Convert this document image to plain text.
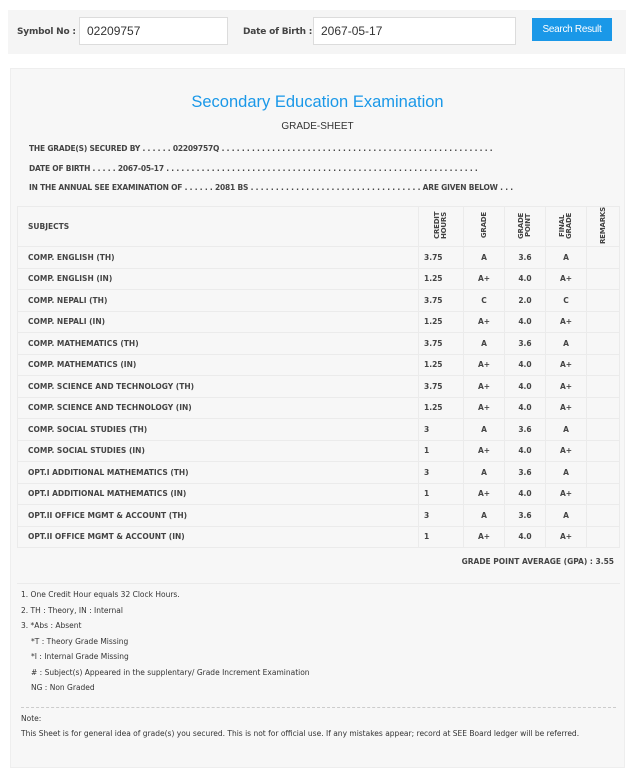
Symbol No :
02209757	Date of Birth :
2067-05-17	Search Result
Secondary Education Examination
GRADE-SHEET
THE GRADE(S) SECURED BY . . . . . . 02209757Q . . . . . . . . . . . . . . . . . . . . . . . . . . . . . . . . . . . . . . . . . . . . . . . . . . . . . .
DATE OF BIRTH . . . . . 2067-05-17 . . . . . . . . . . . . . . . . . . . . . . . . . . . . . . . . . . . . . . . . . . . . . . . . . . . . . . . . . . . . . .
IN THE ANNUAL SEE EXAMINATION OF . . . . . . 2081 BS . . . . . . . . . . . . . . . . . . . . . . . . . . . . . . . . . . ARE GIVEN BELOW . . .
SUBJECTS	CREDIT HOURS	GRADE	GRADE POINT	FINAL GRADE	REMARKS
COMP. ENGLISH (TH)	3.75	A	3.6	A	
COMP. ENGLISH (IN)	1.25	A+	4.0	A+	
COMP. NEPALI (TH)	3.75	C	2.0	C	
COMP. NEPALI (IN)	1.25	A+	4.0	A+	
COMP. MATHEMATICS (TH)	3.75	A	3.6	A	
COMP. MATHEMATICS (IN)	1.25	A+	4.0	A+	
COMP. SCIENCE AND TECHNOLOGY (TH)	3.75	A+	4.0	A+	
COMP. SCIENCE AND TECHNOLOGY (IN)	1.25	A+	4.0	A+	
COMP. SOCIAL STUDIES (TH)	3	A	3.6	A	
COMP. SOCIAL STUDIES (IN)	1	A+	4.0	A+	
OPT.I ADDITIONAL MATHEMATICS (TH)	3	A	3.6	A	
OPT.I ADDITIONAL MATHEMATICS (IN)	1	A+	4.0	A+	
OPT.II OFFICE MGMT & ACCOUNT (TH)	3	A	3.6	A	
OPT.II OFFICE MGMT & ACCOUNT (IN)	1	A+	4.0	A+	
GRADE POINT AVERAGE (GPA) : 3.55
1. One Credit Hour equals 32 Clock Hours.
2. TH : Theory, IN : Internal
3. *Abs : Absent
*T : Theory Grade Missing
*I : Internal Grade Missing
# : Subject(s) Appeared in the supplentary/ Grade Increment Examination
NG : Non Graded
Note:
This Sheet is for general idea of grade(s) you secured. This is not for official use. If any mistakes appear; record at SEE Board ledger will be referred.
